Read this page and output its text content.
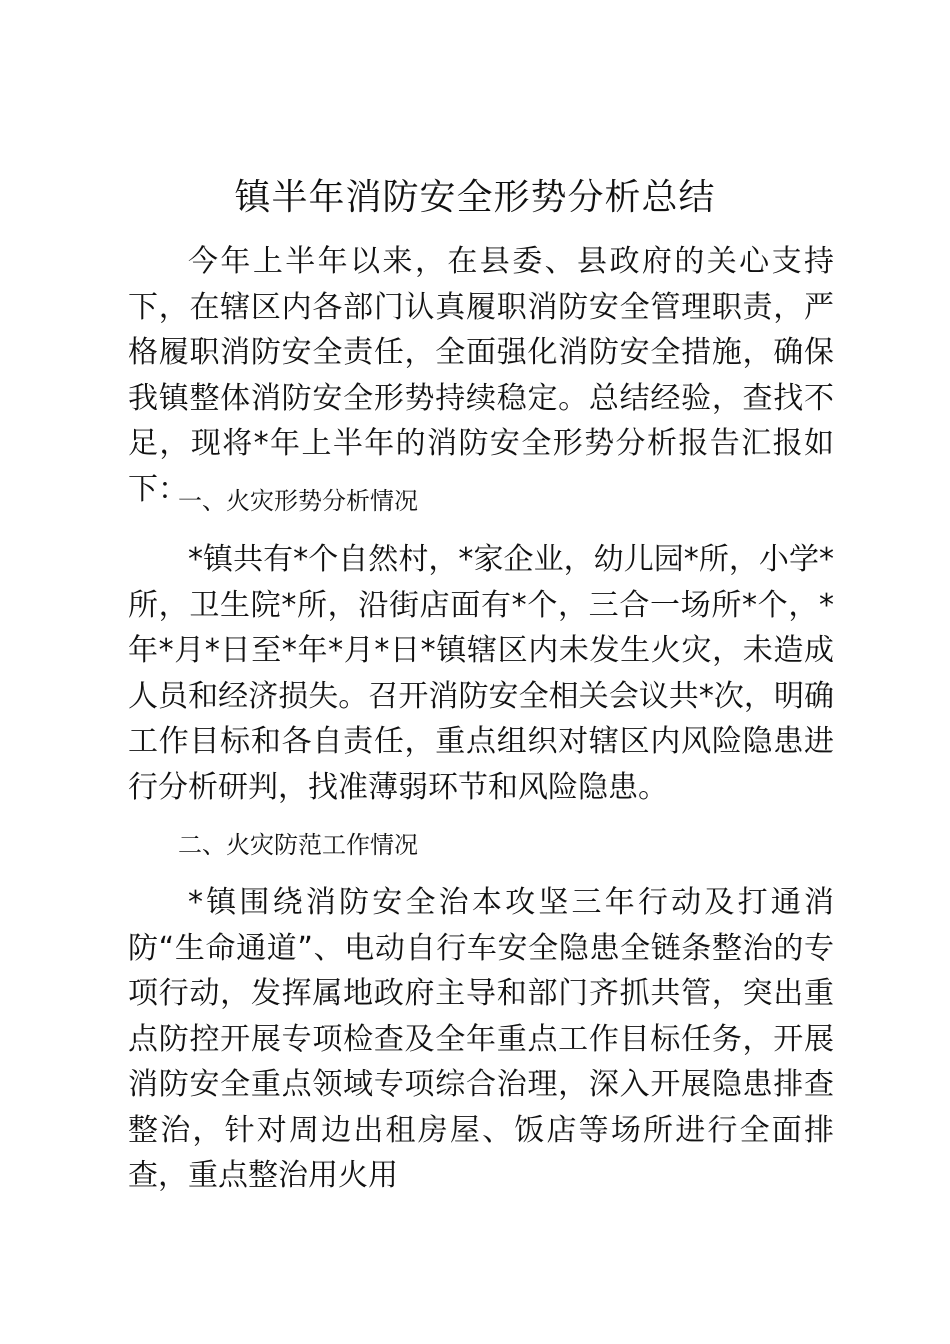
镇半年消防安全形势分析总结

今年上半年以来，在县委、县政府的关心支持下，在辖区内各部门认真履职消防安全管理职责，严格履职消防安全责任，全面强化消防安全措施，确保我镇整体消防安全形势持续稳定。总结经验，查找不足，现将*年上半年的消防安全形势分析报告汇报如下：

一、火灾形势分析情况

*镇共有*个自然村，*家企业，幼儿园*所，小学*所，卫生院*所，沿街店面有*个，三合一场所*个，*年*月*日至*年*月*日*镇辖区内未发生火灾，未造成人员和经济损失。召开消防安全相关会议共*次，明确工作目标和各自责任，重点组织对辖区内风险隐患进行分析研判，找准薄弱环节和风险隐患。

二、火灾防范工作情况

*镇围绕消防安全治本攻坚三年行动及打通消防“生命通道”、电动自行车安全隐患全链条整治的专项行动，发挥属地政府主导和部门齐抓共管，突出重点防控开展专项检查及全年重点工作目标任务，开展消防安全重点领域专项综合治理，深入开展隐患排查整治，针对周边出租房屋、饭店等场所进行全面排查，重点整治用火用
